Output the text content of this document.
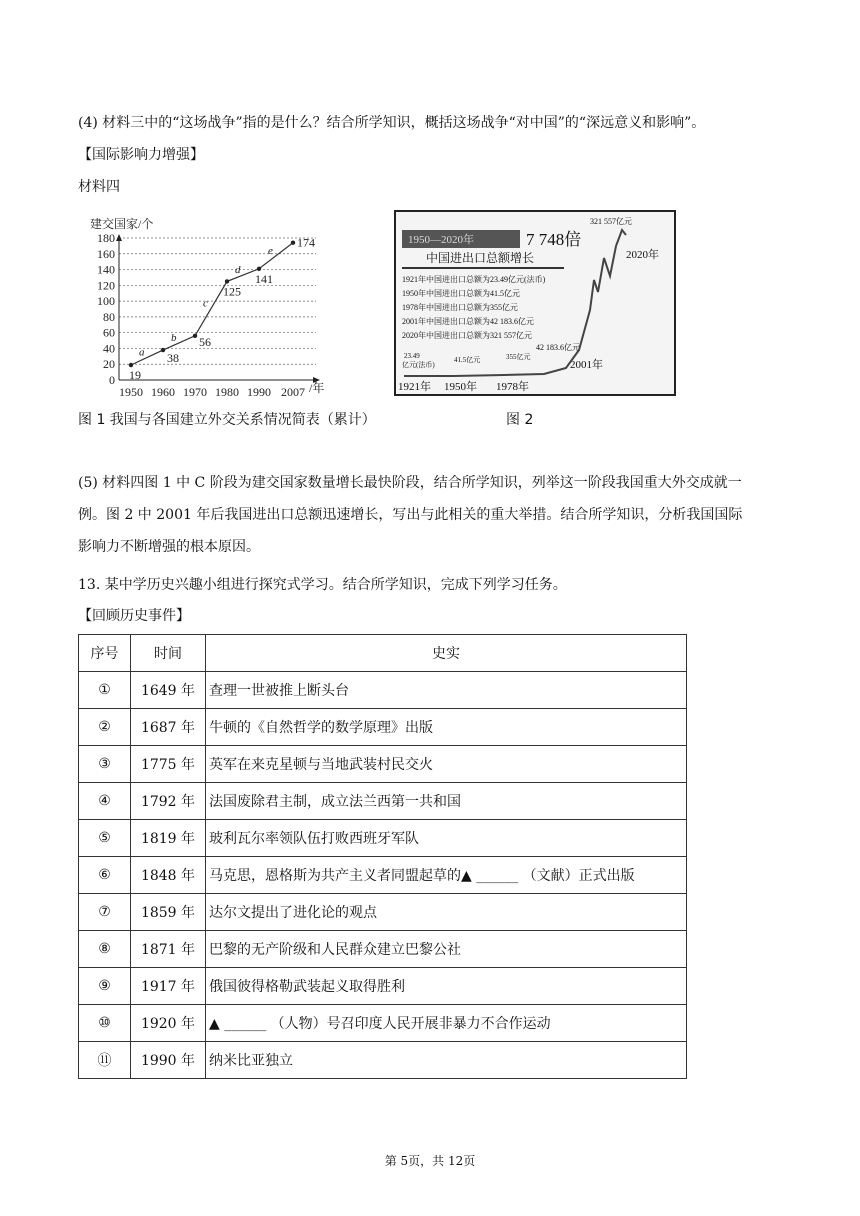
(4) 材料三中的“这场战争”指的是什么？结合所学知识，概括这场战争“对中国”的“深远意义和影响”。
【国际影响力增强】
材料四
建交国家/个
0
20
40
60
80
100
120
140
160
180
1950 1960 1970 1980 1990 2007 /年
19
38
56
125
141
174
a
b
c
d
e
图 1 我国与各国建立外交关系情况简表（累计）
1950—2020年	7 748倍
中国进出口总额增长
1921年中国进出口总额为23.49亿元(法币)
1950年中国进出口总额为41.5亿元
1978年中国进出口总额为355亿元
2001年中国进出口总额为42 183.6亿元
2020年中国进出口总额为321 557亿元
321 557亿元
2020年
42 183.6亿元
2001年
23.49
亿元(法币)
41.5亿元	355亿元
1921年 1950年 1978年
图 2
(5) 材料四图 1 中 C 阶段为建交国家数量增长最快阶段，结合所学知识，列举这一阶段我国重大外交成就一
例。图 2 中 2001 年后我国进出口总额迅速增长，写出与此相关的重大举措。结合所学知识，分析我国国际
影响力不断增强的根本原因。
13. 某中学历史兴趣小组进行探究式学习。结合所学知识，完成下列学习任务。
【回顾历史事件】
序号	时间	史实
①	1649 年	查理一世被推上断头台
②	1687 年	牛顿的《自然哲学的数学原理》出版
③	1775 年	英军在来克星顿与当地武装村民交火
④	1792 年	法国废除君主制，成立法兰西第一共和国
⑤	1819 年	玻利瓦尔率领队伍打败西班牙军队
⑥	1848 年	马克思，恩格斯为共产主义者同盟起草的▲ ______ （文献）正式出版
⑦	1859 年	达尔文提出了进化论的观点
⑧	1871 年	巴黎的无产阶级和人民群众建立巴黎公社
⑨	1917 年	俄国彼得格勒武装起义取得胜利
⑩	1920 年	▲ ______ （人物）号召印度人民开展非暴力不合作运动
⑪	1990 年	纳米比亚独立
第 5页，共 12页
